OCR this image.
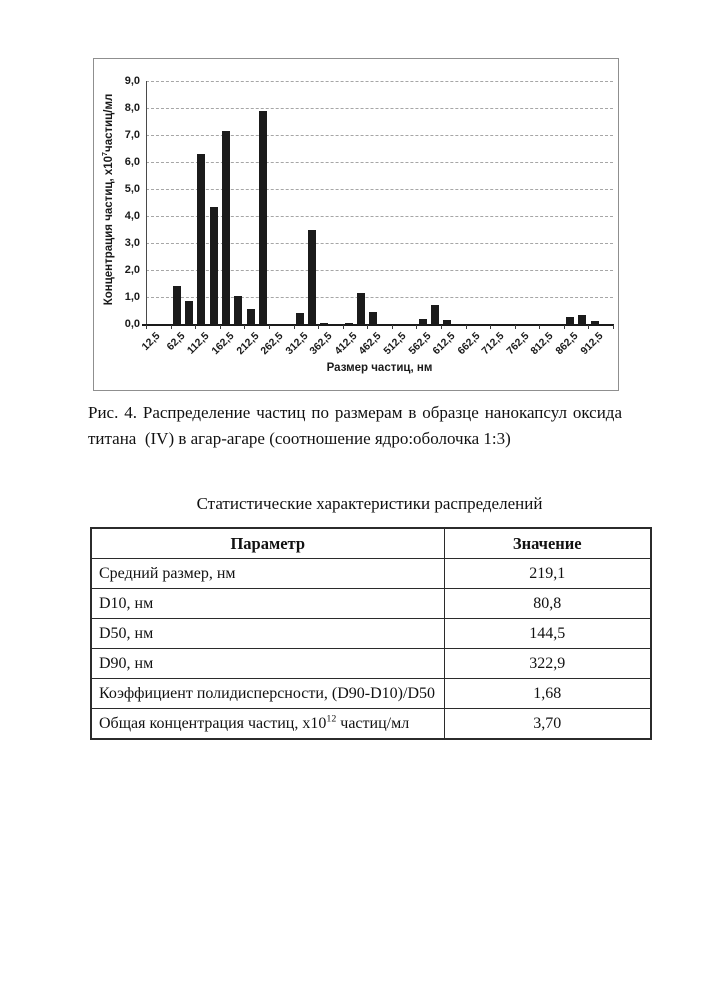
Концентрация частиц, $х10^7частиц/мл$
Размер частиц, нм
0,0
1,0
2,0
3,0
4,0
5,0
6,0
7,0
8,0
9,0
12,5 62,5
112,5
162,5
212,5
262,5
312,5
362,5
412,5
462,5
512,5
562,5
612,5
662,5
712,5
762,5
812,5
862,5
912,5
Рис. 4. Распределение частиц по размерам в образце нанокапсул оксида
титана  (IV) в агар-агаре (соотношение ядро:оболочка 1:3)
Статистические характеристики распределений
Параметр	Значение
Средний размер, нм	219,1
D10, нм	80,8
D50, нм	144,5
D90, нм	322,9
Коэффициент полидисперсности, (D90-D10)/D50	1,68
Общая концентрация частиц, $х10^{12}$ частиц/мл	3,70
